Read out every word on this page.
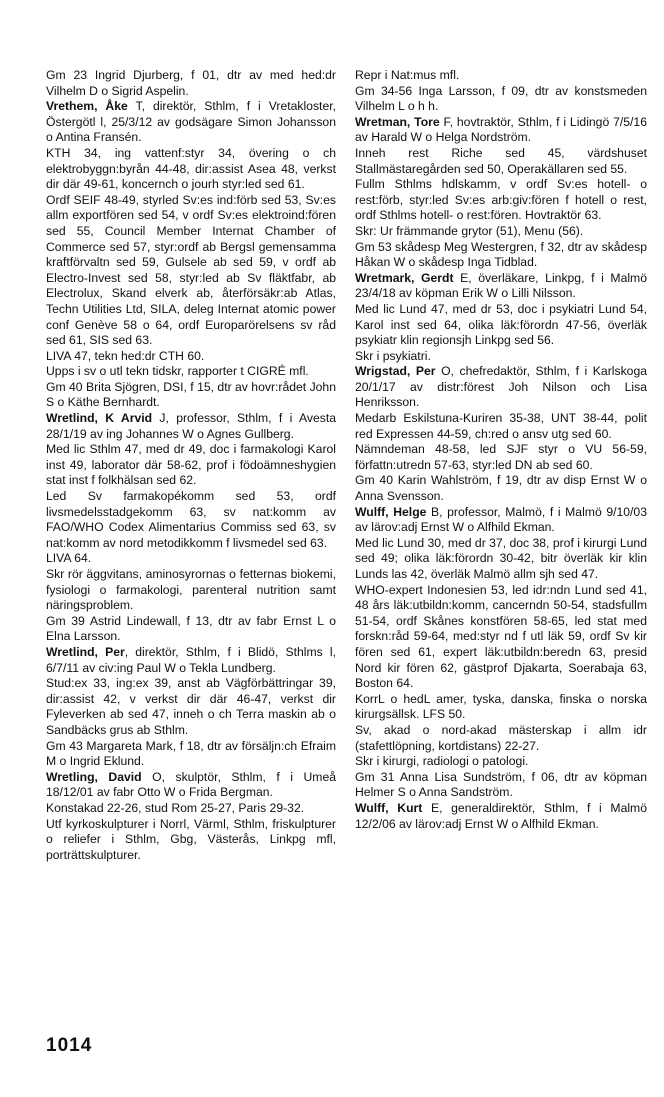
Gm 23 Ingrid Djurberg, f 01, dtr av med hed:dr Vilhelm D o Sigrid Aspelin.

Vrethem, Åke T, direktör, Sthlm, f i Vretakloster, Östergötl l, 25/3/12 av godsägare Simon Johansson o Antina Fransén.

KTH 34, ing vattenf:styr 34, övering o ch elektrobyggn:byrån 44-48, dir:assist Asea 48, verkst dir där 49-61, koncernch o jourh styr:led sed 61.

Ordf SEIF 48-49, styrled Sv:es ind:förb sed 53, Sv:es allm exportfören sed 54, v ordf Sv:es elektroind:fören sed 55, Council Member Internat Chamber of Commerce sed 57, styr:ordf ab Bergsl gemensamma kraftförvaltn sed 59, Gulsele ab sed 59, v ordf ab Electro-Invest sed 58, styr:led ab Sv fläktfabr, ab Electrolux, Skand elverk ab, återförsäkr:ab Atlas, Techn Utilities Ltd, SILA, deleg Internat atomic power conf Genève 58 o 64, ordf Europarörelsens sv råd sed 61, SIS sed 63.

LIVA 47, tekn hed:dr CTH 60.

Upps i sv o utl tekn tidskr, rapporter t CIGRÉ mfl.

Gm 40 Brita Sjögren, DSI, f 15, dtr av hovr:rådet John S o Käthe Bernhardt.

Wretlind, K Arvid J, professor, Sthlm, f i Avesta 28/1/19 av ing Johannes W o Agnes Gullberg.

Med lic Sthlm 47, med dr 49, doc i farmakologi Karol inst 49, laborator där 58-62, prof i födoämneshygien stat inst f folkhälsan sed 62.

Led Sv farmakopékomm sed 53, ordf livsmedelsstadgekomm 63, sv nat:komm av FAO/WHO Codex Alimentarius Commiss sed 63, sv nat:komm av nord metodikkomm f livsmedel sed 63.

LIVA 64.

Skr rör äggvitans, aminosyrornas o fetternas biokemi, fysiologi o farmakologi, parenteral nutrition samt näringsproblem.

Gm 39 Astrid Lindewall, f 13, dtr av fabr Ernst L o Elna Larsson.

Wretlind, Per, direktör, Sthlm, f i Blidö, Sthlms l, 6/7/11 av civ:ing Paul W o Tekla Lundberg.

Stud:ex 33, ing:ex 39, anst ab Vägförbättringar 39, dir:assist 42, v verkst dir där 46-47, verkst dir Fyleverken ab sed 47, inneh o ch Terra maskin ab o Sandbäcks grus ab Sthlm.

Gm 43 Margareta Mark, f 18, dtr av försäljn:ch Efraim M o Ingrid Eklund.

Wretling, David O, skulptör, Sthlm, f i Umeå 18/12/01 av fabr Otto W o Frida Bergman.

Konstakad 22-26, stud Rom 25-27, Paris 29-32.

Utf kyrkoskulpturer i Norrl, Värml, Sthlm, friskulpturer o reliefer i Sthlm, Gbg, Västerås, Linkpg mfl, porträttskulpturer.

Repr i Nat:mus mfl.

Gm 34-56 Inga Larsson, f 09, dtr av konstsmeden Vilhelm L o h h.

Wretman, Tore F, hovtraktör, Sthlm, f i Lidingö 7/5/16 av Harald W o Helga Nordström.

Inneh rest Riche sed 45, värdshuset Stallmästaregården sed 50, Operakällaren sed 55.

Fullm Sthlms hdlskamm, v ordf Sv:es hotell- o rest:förb, styr:led Sv:es arb:giv:fören f hotell o rest, ordf Sthlms hotell- o rest:fören. Hovtraktör 63.

Skr: Ur främmande grytor (51), Menu (56).

Gm 53 skådesp Meg Westergren, f 32, dtr av skådesp Håkan W o skådesp Inga Tidblad.

Wretmark, Gerdt E, överläkare, Linkpg, f i Malmö 23/4/18 av köpman Erik W o Lilli Nilsson.

Med lic Lund 47, med dr 53, doc i psykiatri Lund 54, Karol inst sed 64, olika läk:förordn 47-56, överläk psykiatr klin regionsjh Linkpg sed 56.

Skr i psykiatri.

Wrigstad, Per O, chefredaktör, Sthlm, f i Karlskoga 20/1/17 av distr:förest Joh Nilson och Lisa Henriksson.

Medarb Eskilstuna-Kuriren 35-38, UNT 38-44, polit red Expressen 44-59, ch:red o ansv utg sed 60.

Nämndeman 48-58, led SJF styr o VU 56-59, författn:utredn 57-63, styr:led DN ab sed 60.

Gm 40 Karin Wahlström, f 19, dtr av disp Ernst W o Anna Svensson.

Wulff, Helge B, professor, Malmö, f i Malmö 9/10/03 av lärov:adj Ernst W o Alfhild Ekman.

Med lic Lund 30, med dr 37, doc 38, prof i kirurgi Lund sed 49; olika läk:förordn 30-42, bitr överläk kir klin Lunds las 42, överläk Malmö allm sjh sed 47.

WHO-expert Indonesien 53, led idr:ndn Lund sed 41, 48 års läk:utbildn:komm, cancerndn 50-54, stadsfullm 51-54, ordf Skånes konstfören 58-65, led stat med forskn:råd 59-64, med:styr nd f utl läk 59, ordf Sv kir fören sed 61, expert läk:utbildn:beredn 63, presid Nord kir fören 62, gästprof Djakarta, Soerabaja 63, Boston 64.

KorrL o hedL amer, tyska, danska, finska o norska kirurgsällsk. LFS 50.

Sv, akad o nord-akad mästerskap i allm idr (stafettlöpning, kortdistans) 22-27.

Skr i kirurgi, radiologi o patologi.

Gm 31 Anna Lisa Sundström, f 06, dtr av köpman Helmer S o Anna Sandström.

Wulff, Kurt E, generaldirektör, Sthlm, f i Malmö 12/2/06 av lärov:adj Ernst W o Alfhild Ekman.

1014
